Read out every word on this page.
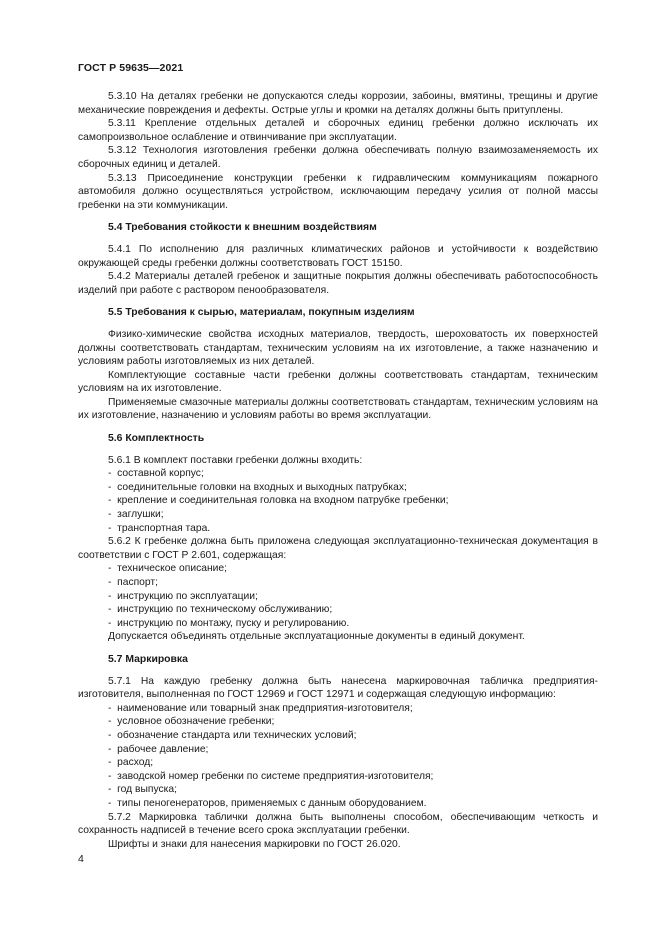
ГОСТ Р 59635—2021

5.3.10 На деталях гребенки не допускаются следы коррозии, забоины, вмятины, трещины и другие механические повреждения и дефекты. Острые углы и кромки на деталях должны быть притуплены.

5.3.11 Крепление отдельных деталей и сборочных единиц гребенки должно исключать их самопроизвольное ослабление и отвинчивание при эксплуатации.

5.3.12 Технология изготовления гребенки должна обеспечивать полную взаимозаменяемость их сборочных единиц и деталей.

5.3.13 Присоединение конструкции гребенки к гидравлическим коммуникациям пожарного автомобиля должно осуществляться устройством, исключающим передачу усилия от полной массы гребенки на эти коммуникации.

5.4 Требования стойкости к внешним воздействиям

5.4.1 По исполнению для различных климатических районов и устойчивости к воздействию окружающей среды гребенки должны соответствовать ГОСТ 15150.

5.4.2 Материалы деталей гребенок и защитные покрытия должны обеспечивать работоспособность изделий при работе с раствором пенообразователя.

5.5 Требования к сырью, материалам, покупным изделиям

Физико-химические свойства исходных материалов, твердость, шероховатость их поверхностей должны соответствовать стандартам, техническим условиям на их изготовление, а также назначению и условиям работы изготовляемых из них деталей.

Комплектующие составные части гребенки должны соответствовать стандартам, техническим условиям на их изготовление.

Применяемые смазочные материалы должны соответствовать стандартам, техническим условиям на их изготовление, назначению и условиям работы во время эксплуатации.

5.6 Комплектность

5.6.1 В комплект поставки гребенки должны входить:

-  составной корпус;
-  соединительные головки на входных и выходных патрубках;
-  крепление и соединительная головка на входном патрубке гребенки;
-  заглушки;
-  транспортная тара.

5.6.2 К гребенке должна быть приложена следующая эксплуатационно-техническая документация в соответствии с ГОСТ Р 2.601, содержащая:

-  техническое описание;
-  паспорт;
-  инструкцию по эксплуатации;
-  инструкцию по техническому обслуживанию;
-  инструкцию по монтажу, пуску и регулированию.

Допускается объединять отдельные эксплуатационные документы в единый документ.

5.7 Маркировка

5.7.1 На каждую гребенку должна быть нанесена маркировочная табличка предприятия-изготовителя, выполненная по ГОСТ 12969 и ГОСТ 12971 и содержащая следующую информацию:

-  наименование или товарный знак предприятия-изготовителя;
-  условное обозначение гребенки;
-  обозначение стандарта или технических условий;
-  рабочее давление;
-  расход;
-  заводской номер гребенки по системе предприятия-изготовителя;
-  год выпуска;
-  типы пеногенераторов, применяемых с данным оборудованием.

5.7.2 Маркировка таблички должна быть выполнены способом, обеспечивающим четкость и сохранность надписей в течение всего срока эксплуатации гребенки.

Шрифты и знаки для нанесения маркировки по ГОСТ 26.020.

4
